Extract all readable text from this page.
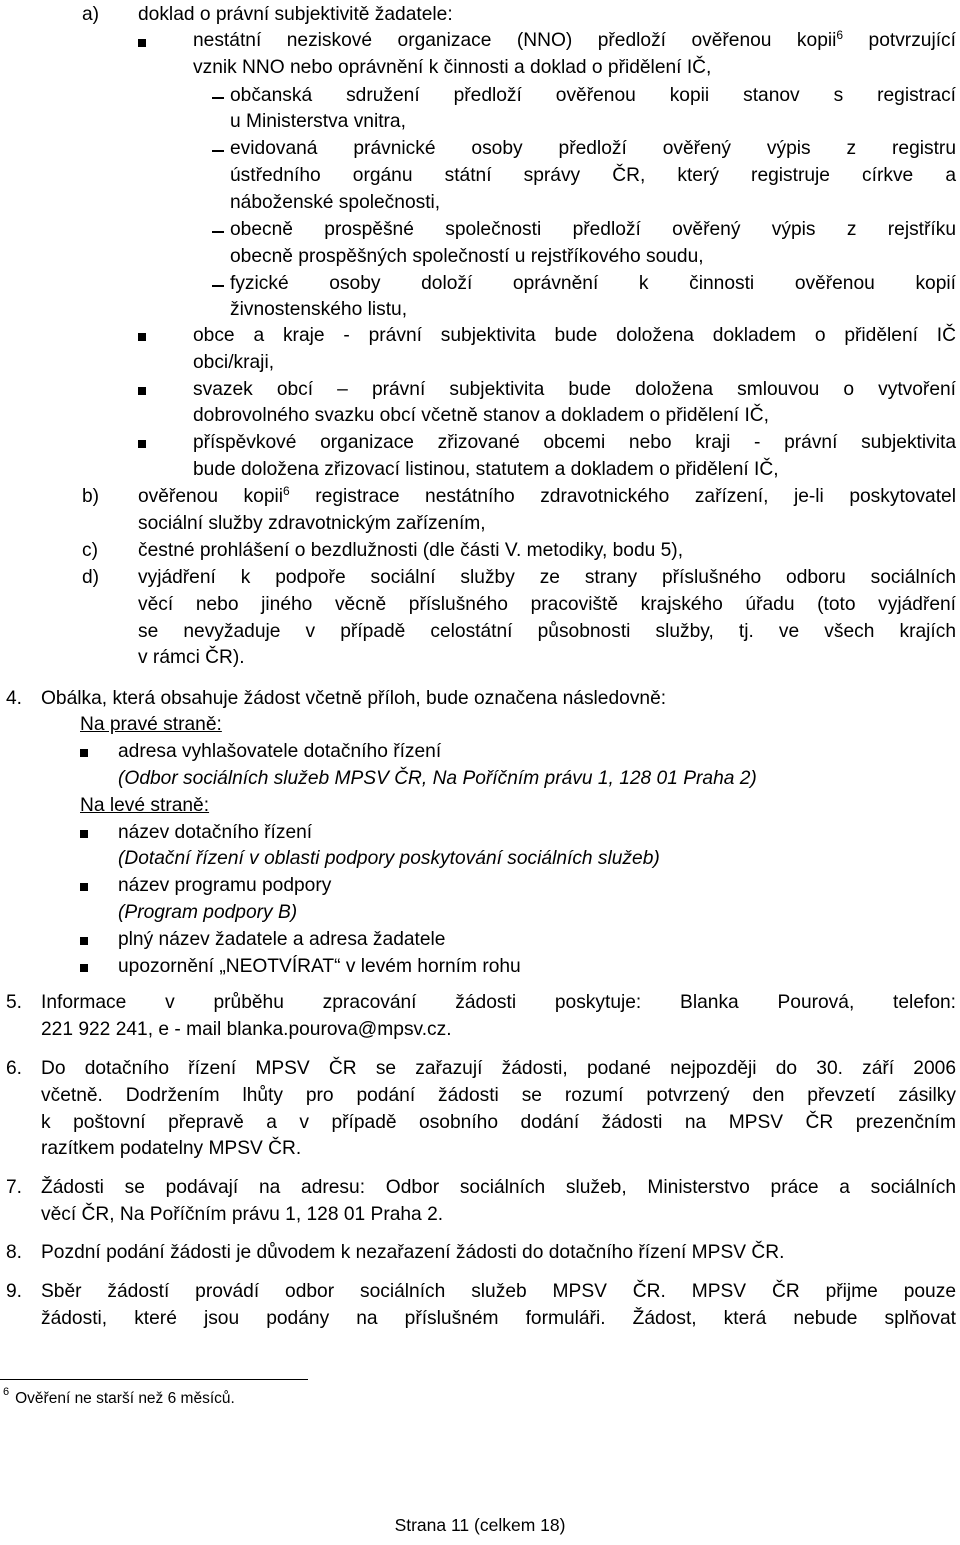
a) doklad o právní subjektivitě žadatele:
nestátní neziskové organizace (NNO) předloží ověřenou kopii$^6$ potvrzující
vznik NNO nebo oprávnění k činnosti a doklad o přidělení IČ,
občanská sdružení předloží ověřenou kopii stanov s registrací
u Ministerstva vnitra,
evidovaná právnické osoby předloží ověřený výpis z registru
ústředního orgánu státní správy ČR, který registruje církve a
náboženské společnosti,
obecně prospěšné společnosti předloží ověřený výpis z rejstříku
obecně prospěšných společností u rejstříkového soudu,
fyzické osoby doloží oprávnění k činnosti ověřenou kopií
živnostenského listu,
obce a kraje - právní subjektivita bude doložena dokladem o přidělení IČ
obci/kraji,
svazek obcí – právní subjektivita bude doložena smlouvou o vytvoření
dobrovolného svazku obcí včetně stanov a dokladem o přidělení IČ,
příspěvkové organizace zřizované obcemi nebo kraji - právní subjektivita
bude doložena zřizovací listinou, statutem a dokladem o přidělení IČ,
b) ověřenou kopii$^6$ registrace nestátního zdravotnického zařízení, je-li poskytovatel
sociální služby zdravotnickým zařízením,
c) čestné prohlášení o bezdlužnosti (dle části V. metodiky, bodu 5),
d) vyjádření k podpoře sociální služby ze strany příslušného odboru sociálních
věcí nebo jiného věcně příslušného pracoviště krajského úřadu (toto vyjádření
se nevyžaduje v případě celostátní působnosti služby, tj. ve všech krajích
v rámci ČR).
4. Obálka, která obsahuje žádost včetně příloh, bude označena následovně:
Na pravé straně:
adresa vyhlašovatele dotačního řízení
(Odbor sociálních služeb MPSV ČR, Na Poříčním právu 1, 128 01 Praha 2)
Na levé straně:
název dotačního řízení
(Dotační řízení v oblasti podpory poskytování sociálních služeb)
název programu podpory
(Program podpory B)
plný název žadatele a adresa žadatele
upozornění „NEOTVÍRAT“ v levém horním rohu
5. Informace v průběhu zpracování žádosti poskytuje: Blanka Pourová, telefon:
221 922 241, e - mail blanka.pourova@mpsv.cz.
6. Do dotačního řízení MPSV ČR se zařazují žádosti, podané nejpozději do 30. září 2006
včetně. Dodržením lhůty pro podání žádosti se rozumí potvrzený den převzetí zásilky
k poštovní přepravě a v případě osobního dodání žádosti na MPSV ČR prezenčním
razítkem podatelny MPSV ČR.
7. Žádosti se podávají na adresu: Odbor sociálních služeb, Ministerstvo práce a sociálních
věcí ČR, Na Poříčním právu 1, 128 01 Praha 2.
8. Pozdní podání žádosti je důvodem k nezařazení žádosti do dotačního řízení MPSV ČR.
9. Sběr žádostí provádí odbor sociálních služeb MPSV ČR. MPSV ČR přijme pouze
žádosti, které jsou podány na příslušném formuláři. Žádost, která nebude splňovat
$^6$ Ověření ne starší než 6 měsíců.
Strana 11 (celkem 18)
